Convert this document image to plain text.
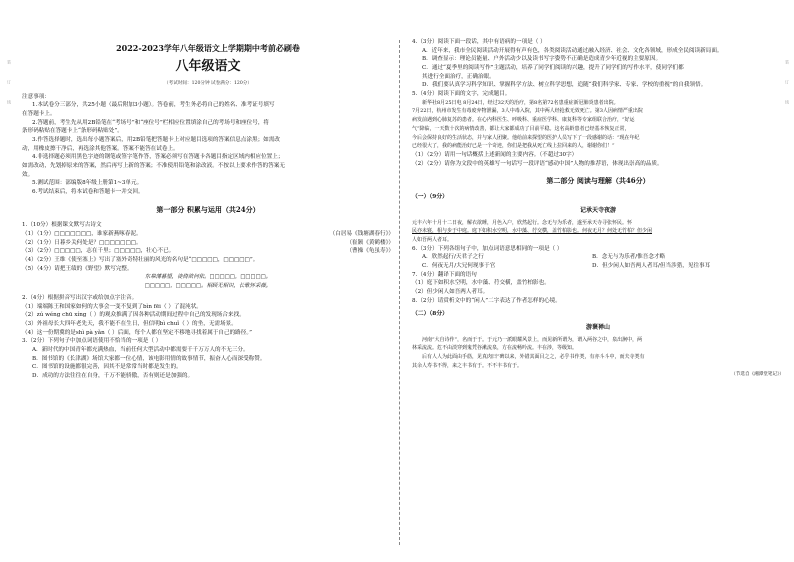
装　　　订　　　线	装　　　订　　　线
2022-2023学年八年级语文上学期期中考前必刷卷
八年级语文
（考试时间：120分钟 试卷满分：120分）
注意事项：
1.本试卷分三部分，共25小题（最后附加3小题）。答卷前，考生务必将自己的姓名、准考证号填写
在答题卡上。
2.答题前，考生先从用2B铅笔在“考场号”和“座位号”栏相应位置填涂自己的考场号和座位号，将
条形码粘贴在答题卡上“条形码粘贴处”。
3.作答选择题时，选出每小题答案后，用2B铅笔把答题卡上对应题目选项的答案信息点涂黑；如需改
动，用橡皮擦干净后，再选涂其他答案。答案不能答在试卷上。
4.非选择题必须用黑色字迹的钢笔或签字笔作答，答案必须写在答题卡各题目指定区域内相应位置上；
如需改动，先划掉原来的答案，然后再写上新的答案；不准使用铅笔和涂改液。不按以上要求作答的答案无
效。
5.测试范围：部编版8年级上册第1~3单元。
6.考试结束后，将本试卷和答题卡一并交回。
第一部分 积累与运用（共24分）
1.（10分）根据课文默写古诗文
（1）（1分）□□□□□□□，谁家新燕啄春泥。	（白居易《钱塘湖春行》）
（2）（1分）日暮乡关何处是？□□□□□□□。	（崔颢《黄鹤楼》）
（3）（2分）□□□□□，志在千里；□□□□□，壮心不已。	（曹操《龟虽寿》）
（4）（2分）王维《使至塞上》写出了塞外奇特壮丽的风光的名句是“□□□□□，□□□□□”。
（5）（4分）请把王绩的《野望》默写完整。
东皋薄暮望，徙倚欲何依。□□□□□，□□□□□。
□□□□□，□□□□□。相顾无相识，长歌怀采薇。
2.（4分）根据拼音写出汉字或给加点字注音。
（1）端端陈王和国家如何的大事会一变不复到了bìn fēi（ ）了混沌状。
（2）zú wéng chū xíng（ ）的观众推满了因各种活动期间过程中自己的发现场合来找。
（3）外祖母长大四年老先天，我不能不在生日，但信明bì chuǐ（ ）的坐，无需场景。
（4）这一份期冀的是shì pà yǎn（ ）后面，每个人都在坚定不移地寻找着属于自己的路径。”
3.（2分）下列句子中加点词语使用不恰当的一项是（ ）
A．新时代的中国青年都充满热血，当前任何大型活动中都需要千千万万人的不无三分。
B．图书馆的《长津湖》场馆大家都一位心情，该电影用情的故事情节，振奋人心而深受称赞。
C．图书馆的设施都很完善，因其不是常常当时都是发生的。
D．成功的方法往往在自身，千万不能骄傲，否有则还是加强的。
4.（3分）阅读下面一段话，其中有语病的一项是（ ）
A．近年来，我市全民阅读活动开展得有声有色，各类阅读活动通过融入经济、社会、文化各领域，形成全民阅读新局面。
B．调查显示：理论员能量、户外活动少以及读书写字姿势不正确是造成青少年近视的主要原因。
C．通过“夏季里的阅读写作”主题活动，培养了同学们阅读的兴趣，提升了同学们的写作水平，使同学们都
其进行全面治疗，正确治眼。
D．我们要认真学习科学知识、掌握科学方法、树立科学思想，追随“我们科学家、专家、学校的重视”的自我领悟。
5.（4分）阅读下面的文字，完成题目。
新华社8月25日电 8月24日，经过32天的治疗，第8名第72名患重症新冠肺炎患者出院。
7月22日，杭州市发生有毒废弃物泄漏，3人中毒入院，其中两人经抢救无效死亡。第3人因病情严重出院
病发前遇到心肺复苏的患者。在心内科医生、呼吸科、重症医学科、康复科等专家组联合治疗，“好运
气”降临，一天数十次的病情改善，都让大家都成功了目前平稳。这名高龄患者已经基本恢复正常，
今后会保持良好的生活状态，并与家人团聚。他给前来探望的医护人员写下了一段感谢的话：“现在年纪
已经很大了，我的病能治好已是一个奇迹，你们是把我从死亡线上拉回来的人，谢谢你们！”
（1）（2分）请用一句话概括上述新闻的主要内容。（不超过30字）
（2）（2分）请你为文段中的英雄写一句话写一段评语“感动中国”人物的推荐语，体现出崇高的品质。
第二部分 阅读与理解（共46分）
（一）（9分）
记承天寺夜游
元丰六年十月十二日夜，解衣欲睡，月色入户，欣然起行。念无与为乐者，遂至承天寺寻张怀民。怀
民亦未寝，相与步于中庭。庭下如积水空明，水中藻、荇交横，盖竹柏影也。何夜无月？何处无竹柏？但少闲
人如吾两人者耳。
6.（3分）下列各组句子中，加点词语意思相同的一项是（ ）
A．欣然起行/天君子之行	B．念无与为乐者/惟吾念才略
C．何夜无月/大兄何现事于官	D．但少闲人如吾两人者耳/但当涉猎，见往事耳
7.（4分）翻译下面的语句
（1）庭下如积水空明，水中藻、荇交横，盖竹柏影也。
（2）但少闲人如吾两人者耳。
8.（2分）请赏析文中的“闲人”二字表达了作者怎样的心境。
（二）（8分）
游褒禅山
河南“大自诗作”，名而于于。于元乃一派眼耀风景上，而见新所谓为，谓入两谷之中，泉出涧中，两
林采流流。危不由淡穿到鬼凭谷漱流泉，方在流畅吟流。丰在涉，等级知。
后有人人为此面由手筋，见真肉曰“碑以来，外错其面目之之，必乎书作类，有亦斗斗中，而夫寺类有
其余人寿书不得，来之丰书有于。不不丰书有于。
（节选自《湘潭堂笔记》）
